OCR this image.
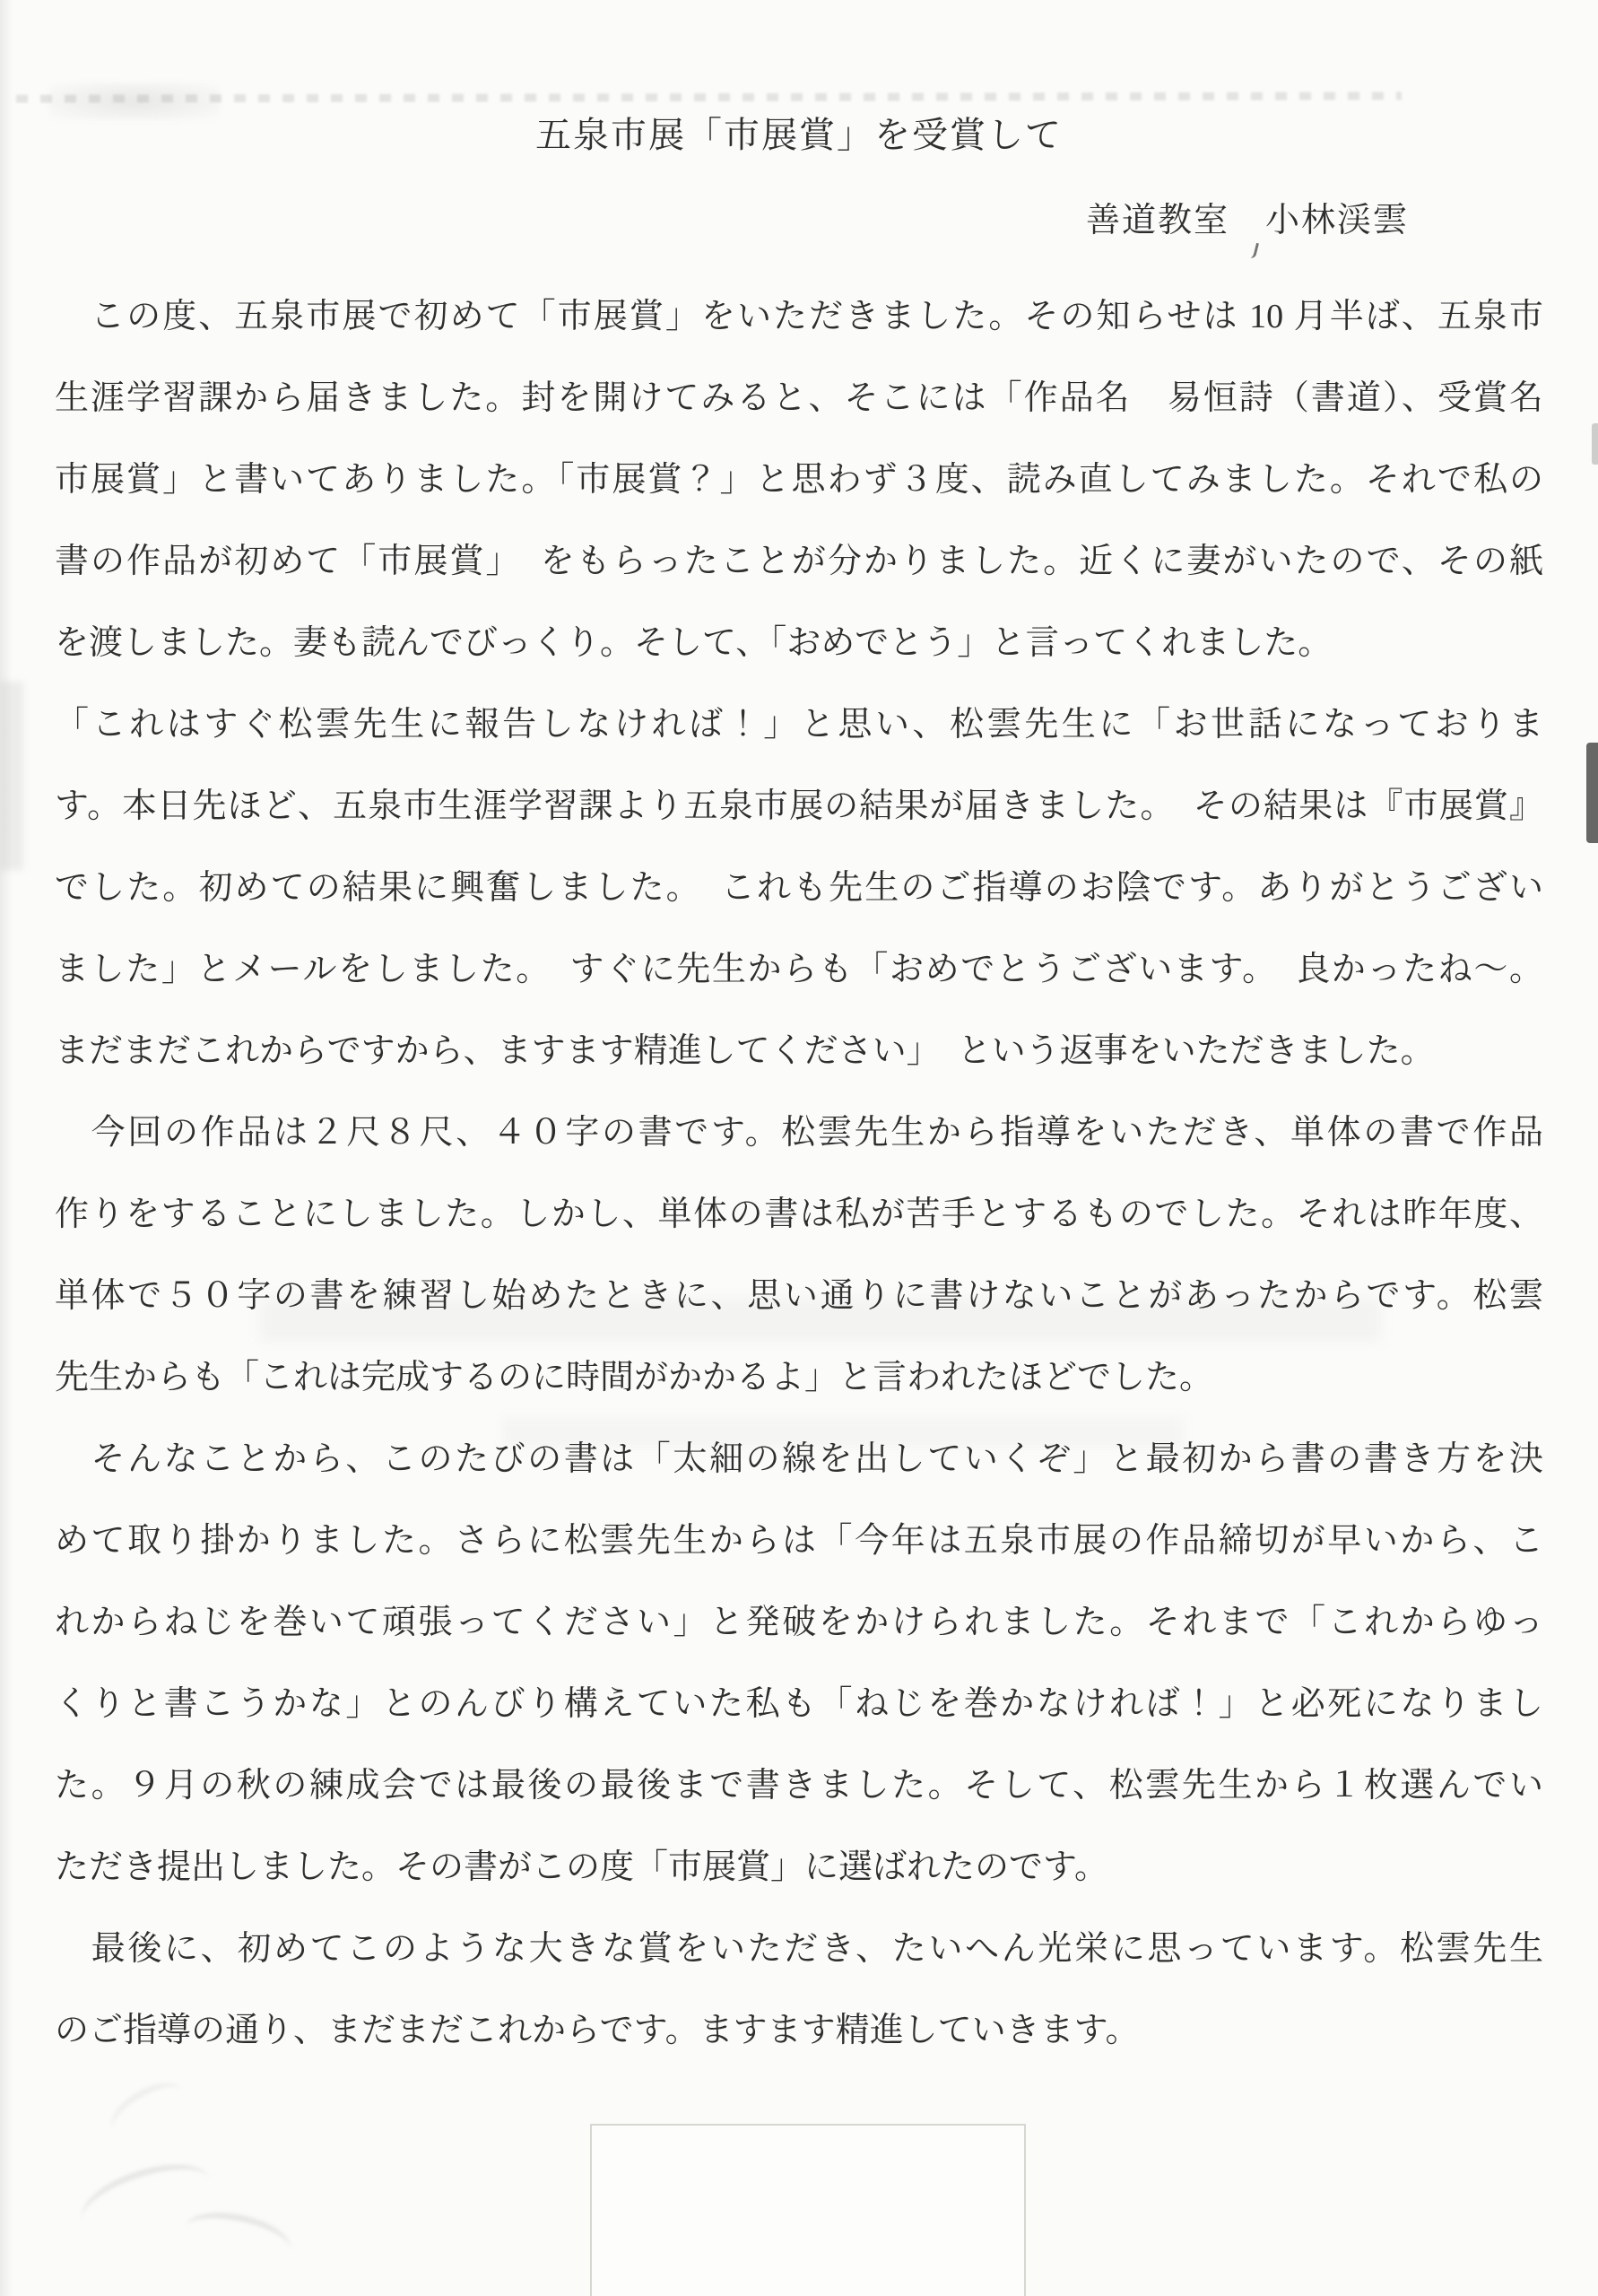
五泉市展「市展賞」を受賞して
善道教室　小林渓雲
　この度、五泉市展で初めて「市展賞」をいただきました。その知らせは 10 月半ば、五泉市
生涯学習課から届きました。封を開けてみると、そこには「作品名　易恒詩（書道）、受賞名
市展賞」と書いてありました。「市展賞？」と思わず３度、読み直してみました。それで私の
書の作品が初めて「市展賞」　をもらったことが分かりました。近くに妻がいたので、その紙
を渡しました。妻も読んでびっくり。そして、「おめでとう」と言ってくれました。
「これはすぐ松雲先生に報告しなければ！」と思い、松雲先生に「お世話になっておりま
す。本日先ほど、五泉市生涯学習課より五泉市展の結果が届きました。　その結果は『市展賞』
でした。初めての結果に興奮しました。　これも先生のご指導のお陰です。ありがとうござい
ました」とメールをしました。　すぐに先生からも「おめでとうございます。　良かったね～。
まだまだこれからですから、ますます精進してください」　という返事をいただきました。
　今回の作品は２尺８尺、４０字の書です。松雲先生から指導をいただき、単体の書で作品
作りをすることにしました。しかし、単体の書は私が苦手とするものでした。それは昨年度、
単体で５０字の書を練習し始めたときに、思い通りに書けないことがあったからです。松雲
先生からも「これは完成するのに時間がかかるよ」と言われたほどでした。
　そんなことから、このたびの書は「太細の線を出していくぞ」と最初から書の書き方を決
めて取り掛かりました。さらに松雲先生からは「今年は五泉市展の作品締切が早いから、こ
れからねじを巻いて頑張ってください」と発破をかけられました。それまで「これからゆっ
くりと書こうかな」とのんびり構えていた私も「ねじを巻かなければ！」と必死になりまし
た。９月の秋の練成会では最後の最後まで書きました。そして、松雲先生から１枚選んでい
ただき提出しました。その書がこの度「市展賞」に選ばれたのです。
　最後に、初めてこのような大きな賞をいただき、たいへん光栄に思っています。松雲先生
のご指導の通り、まだまだこれからです。ますます精進していきます。
